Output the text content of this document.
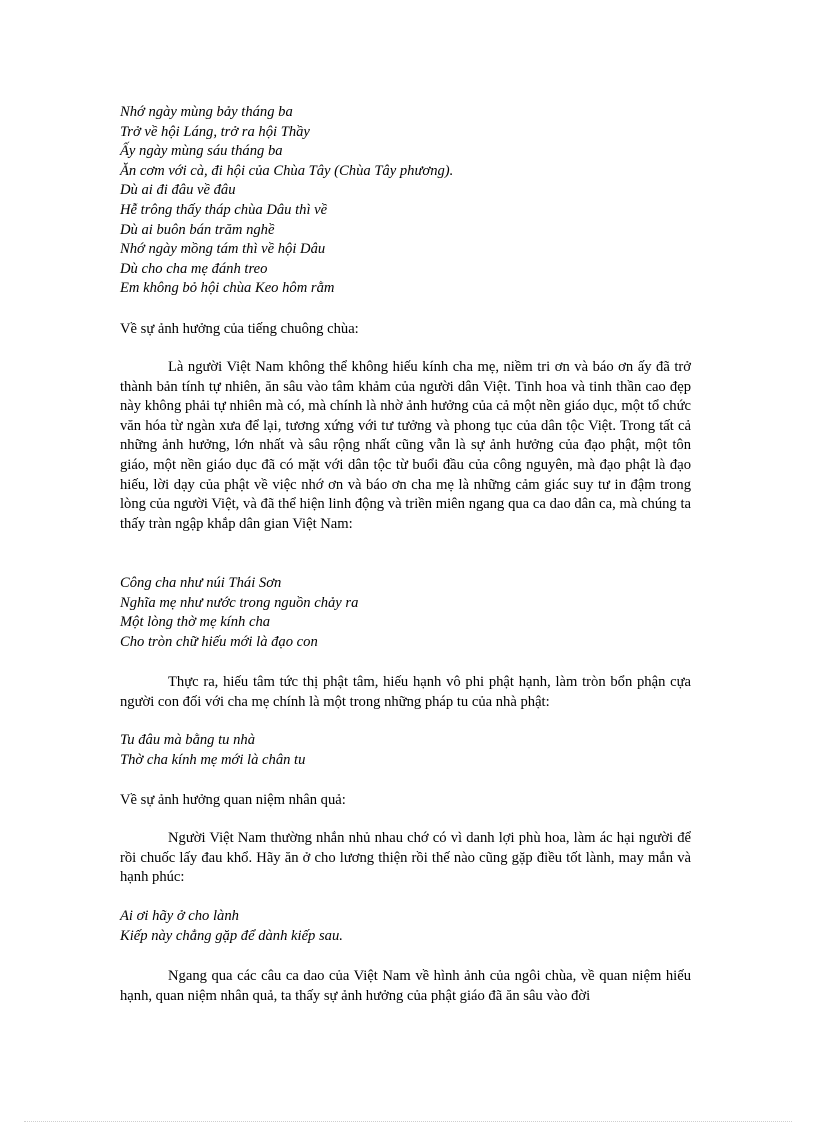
Nhớ ngày mùng bảy tháng ba
Trở về hội Láng, trở ra hội Thầy
Ấy ngày mùng sáu tháng ba
Ăn cơm với cà, đi hội của Chùa Tây (Chùa Tây phương).
Dù ai đi đâu về đâu
Hễ trông thấy tháp chùa Dâu thì về
Dù ai buôn bán trăm nghề
Nhớ ngày mồng tám thì về hội Dâu
Dù cho cha mẹ đánh treo
Em không bỏ hội chùa Keo hôm rằm
Về sự ảnh hưởng của tiếng chuông chùa:
Là người Việt Nam không thể không hiếu kính cha mẹ, niềm tri ơn và báo ơn ấy đã trở thành bản tính tự nhiên, ăn sâu vào tâm khảm của người dân Việt. Tinh hoa và tinh thần cao đẹp này không phải tự nhiên mà có, mà chính là nhờ ảnh hưởng của cả một nền giáo dục, một tổ chức văn hóa từ ngàn xưa để lại, tương xứng với tư tưởng và phong tục của dân tộc Việt. Trong tất cả những ảnh hưởng, lớn nhất và sâu rộng nhất cũng vẫn là sự ảnh hưởng của đạo phật, một tôn giáo, một nền giáo dục đã có mặt với dân tộc từ buổi đầu của công nguyên, mà đạo phật là đạo hiếu, lời dạy của phật về việc nhớ ơn và báo ơn cha mẹ là những cảm giác suy tư in đậm trong lòng của người Việt, và đã thể hiện linh động và triền miên ngang qua ca dao dân ca, mà chúng ta thấy tràn ngập khắp dân gian Việt Nam:
Công cha như núi Thái Sơn
Nghĩa mẹ như nước trong nguồn chảy ra
Một lòng thờ mẹ kính cha
Cho tròn chữ hiếu mới là đạo con
Thực ra, hiếu tâm tức thị phật tâm, hiếu hạnh vô phi phật hạnh, làm tròn bổn phận cựa người con đối với cha mẹ chính là một trong những pháp tu của nhà phật:
Tu đâu mà bằng tu nhà
Thờ cha kính mẹ mới là chân tu
Về sự ảnh hưởng quan niệm nhân quả:
Người Việt Nam thường nhắn nhủ nhau chớ có vì danh lợi phù hoa, làm ác hại người để rồi chuốc lấy đau khổ. Hãy ăn ở cho lương thiện rồi thế nào cũng gặp điều tốt lành, may mắn và hạnh phúc:
Ai ơi hãy ở cho lành
Kiếp này chẳng gặp để dành kiếp sau.
Ngang qua các câu ca dao của Việt Nam về hình ảnh của ngôi chùa, về quan niệm hiếu hạnh, quan niệm nhân quả, ta thấy sự ảnh hưởng của phật giáo đã ăn sâu vào đời
